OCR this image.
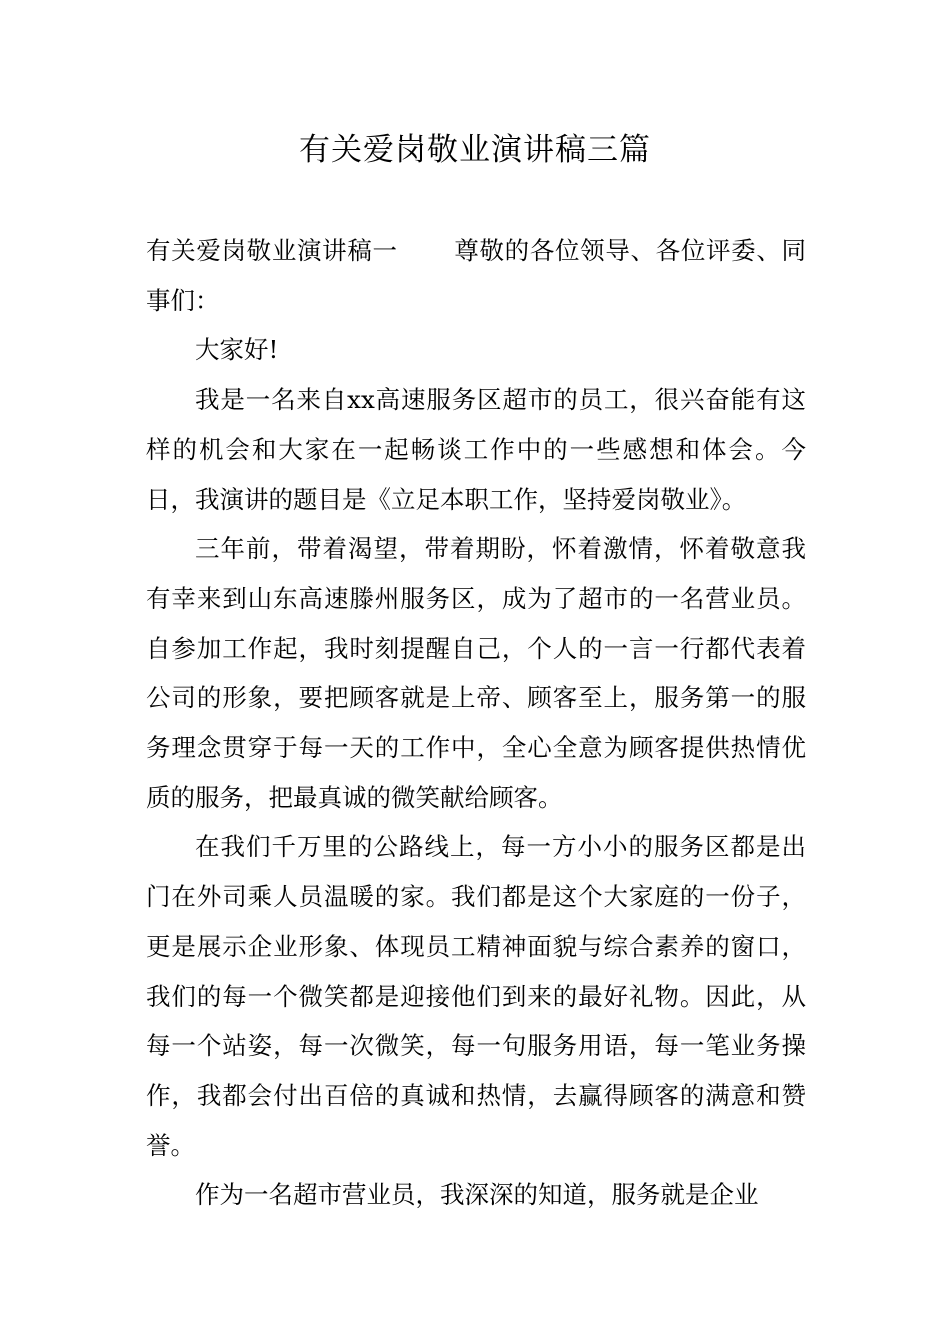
有关爱岗敬业演讲稿三篇

有关爱岗敬业演讲稿一 尊敬的各位领导、各位评委、同事们：

大家好!

我是一名来自xx高速服务区超市的员工，很兴奋能有这样的机会和大家在一起畅谈工作中的一些感想和体会。今日，我演讲的题目是《立足本职工作，坚持爱岗敬业》。

三年前，带着渴望，带着期盼，怀着激情，怀着敬意我有幸来到山东高速滕州服务区，成为了超市的一名营业员。自参加工作起，我时刻提醒自己，个人的一言一行都代表着公司的形象，要把顾客就是上帝、顾客至上，服务第一的服务理念贯穿于每一天的工作中，全心全意为顾客提供热情优质的服务，把最真诚的微笑献给顾客。

在我们千万里的公路线上，每一方小小的服务区都是出门在外司乘人员温暖的家。我们都是这个大家庭的一份子，更是展示企业形象、体现员工精神面貌与综合素养的窗口，我们的每一个微笑都是迎接他们到来的最好礼物。因此，从每一个站姿，每一次微笑，每一句服务用语，每一笔业务操作，我都会付出百倍的真诚和热情，去赢得顾客的满意和赞誉。

作为一名超市营业员，我深深的知道，服务就是企业
